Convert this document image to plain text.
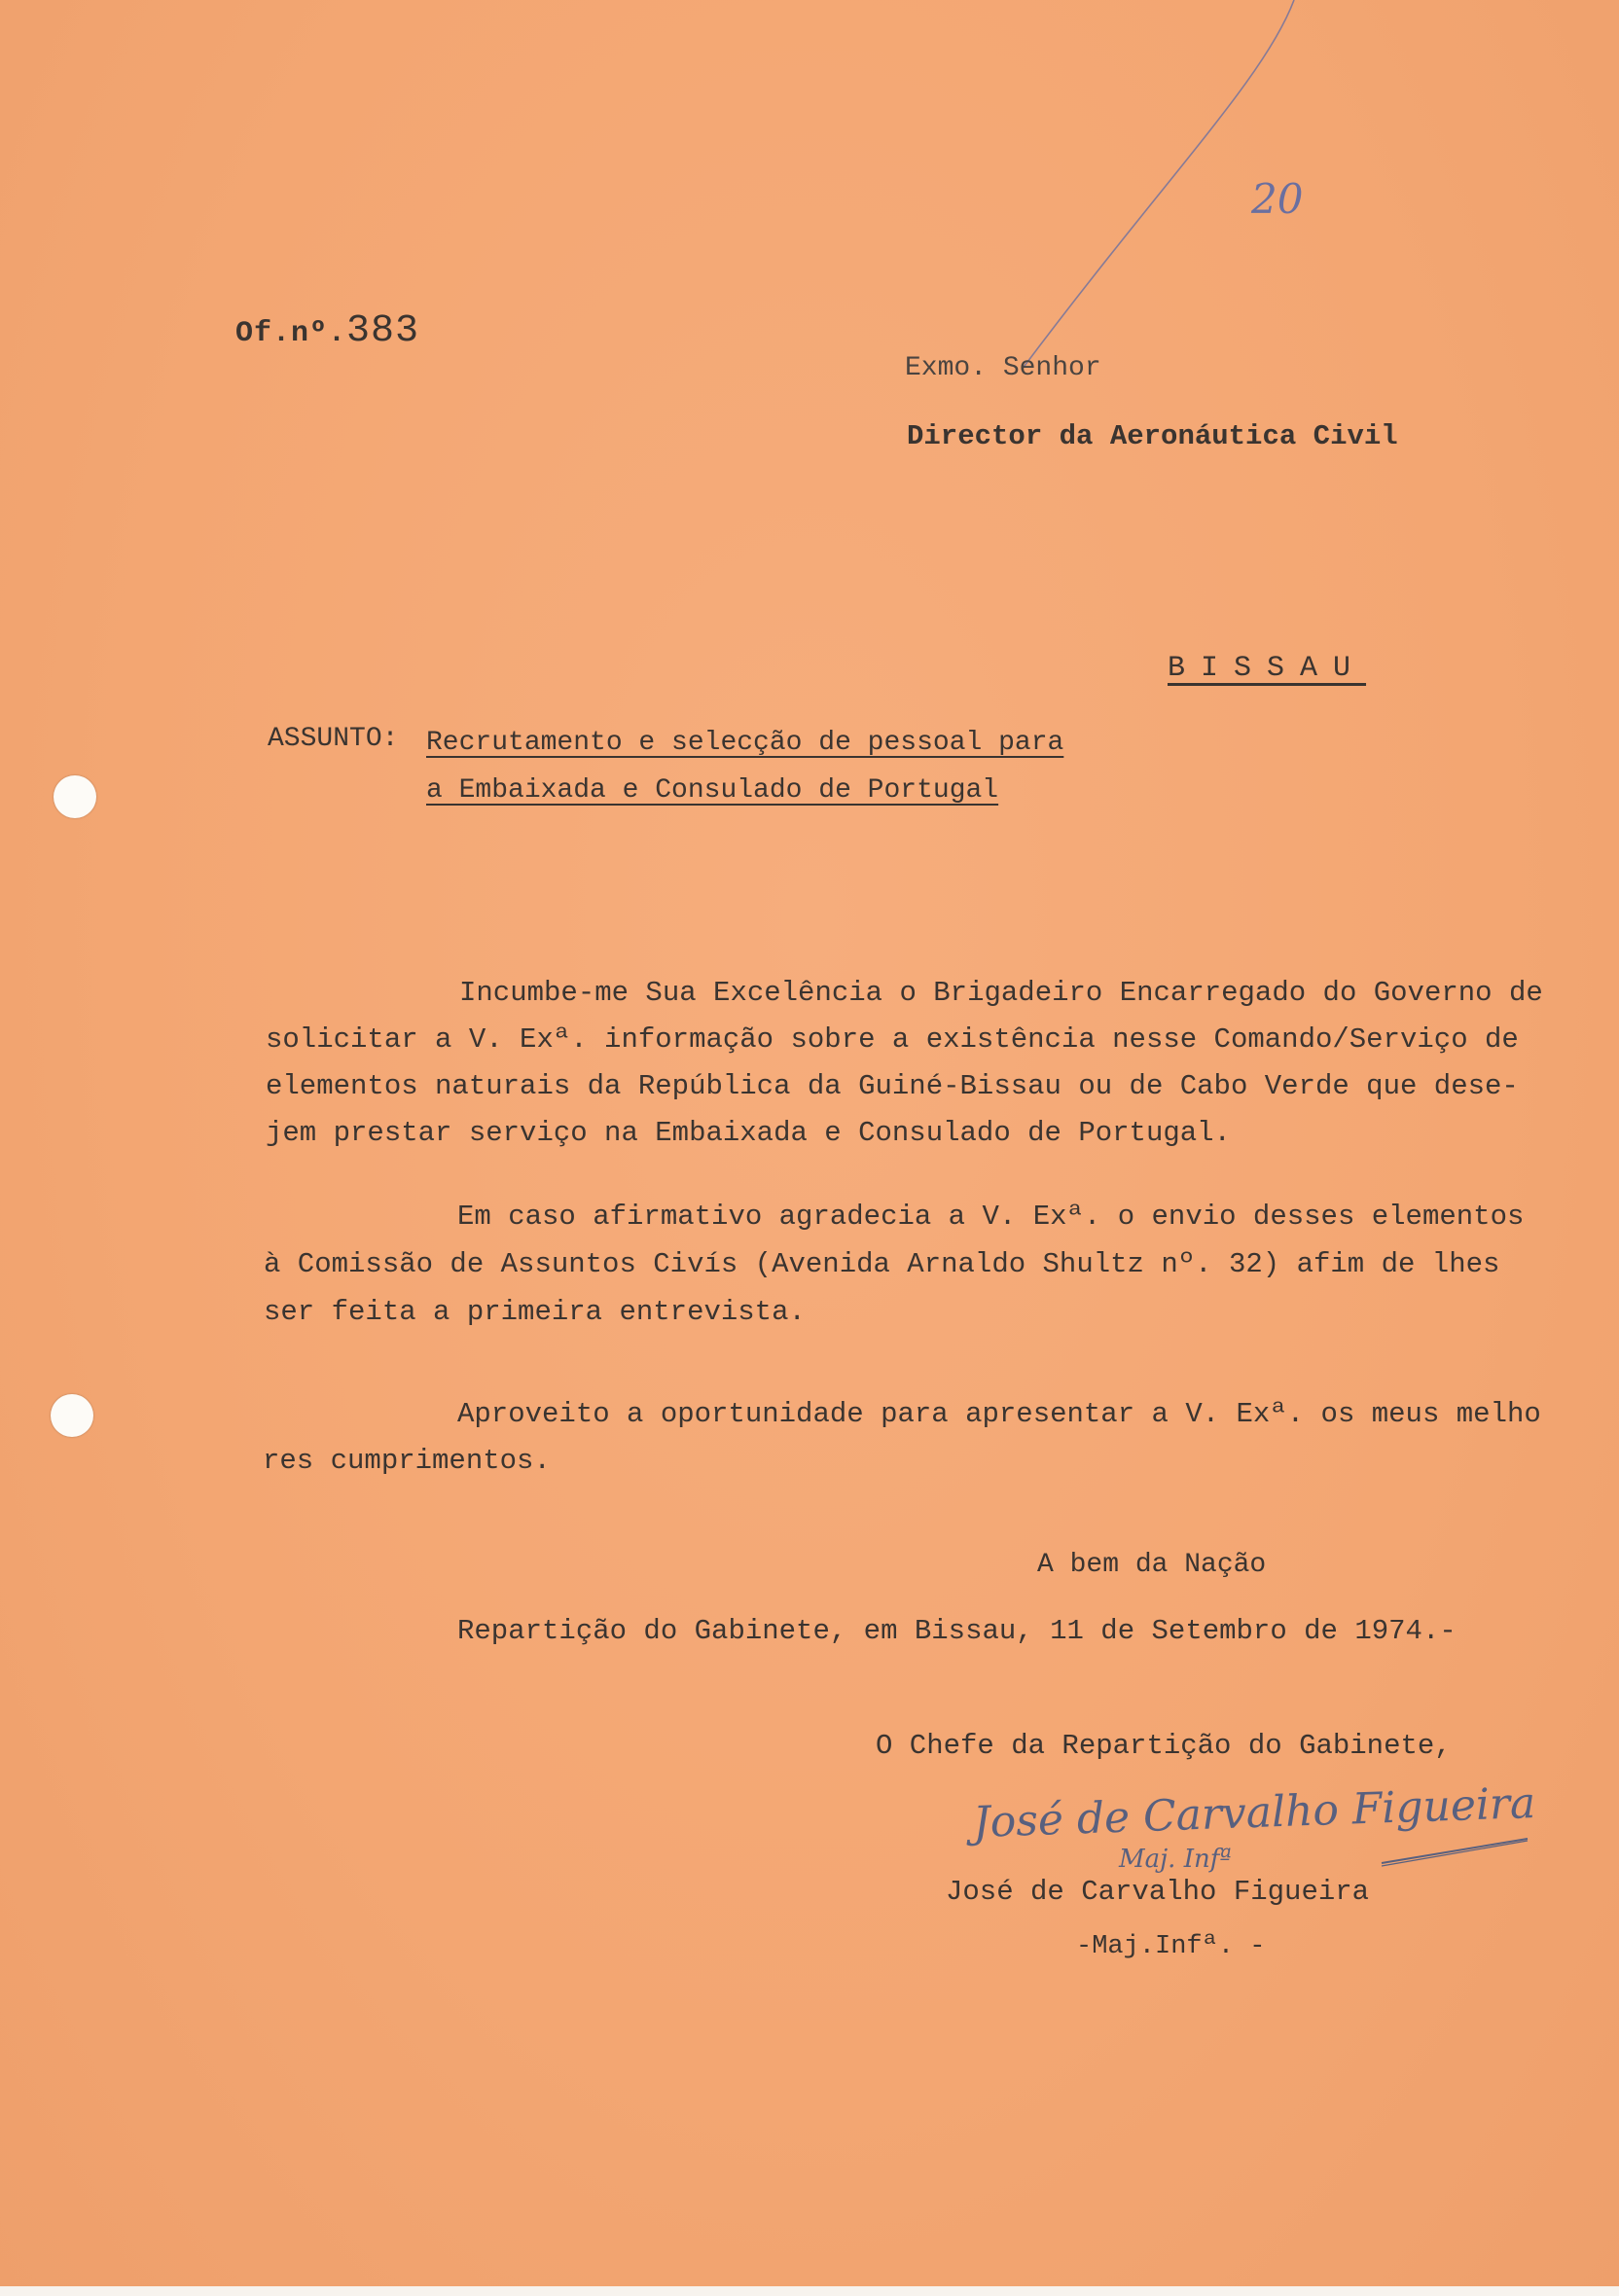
Of.nº.383
20
Exmo. Senhor
Director da Aeronáutica Civil
BISSAU
ASSUNTO: Recrutamento e selecção de pessoal para
a Embaixada e Consulado de Portugal
Incumbe-me Sua Excelência o Brigadeiro Encarregado do Governo de
solicitar a V. Exª. informação sobre a existência nesse Comando/Serviço de
elementos naturais da República da Guiné-Bissau ou de Cabo Verde que dese-
jem prestar serviço na Embaixada e Consulado de Portugal.
Em caso afirmativo agradecia a V. Exª. o envio desses elementos
à Comissão de Assuntos Civís (Avenida Arnaldo Shultz nº. 32) afim de lhes
ser feita a primeira entrevista.
Aproveito a oportunidade para apresentar a V. Exª. os meus melho
res cumprimentos.
A bem da Nação
Repartição do Gabinete, em Bissau, 11 de Setembro de 1974.-
O Chefe da Repartição do Gabinete,
José de Carvalho Figueira
Maj. Infª
José de Carvalho Figueira
-Maj.Infª. -
